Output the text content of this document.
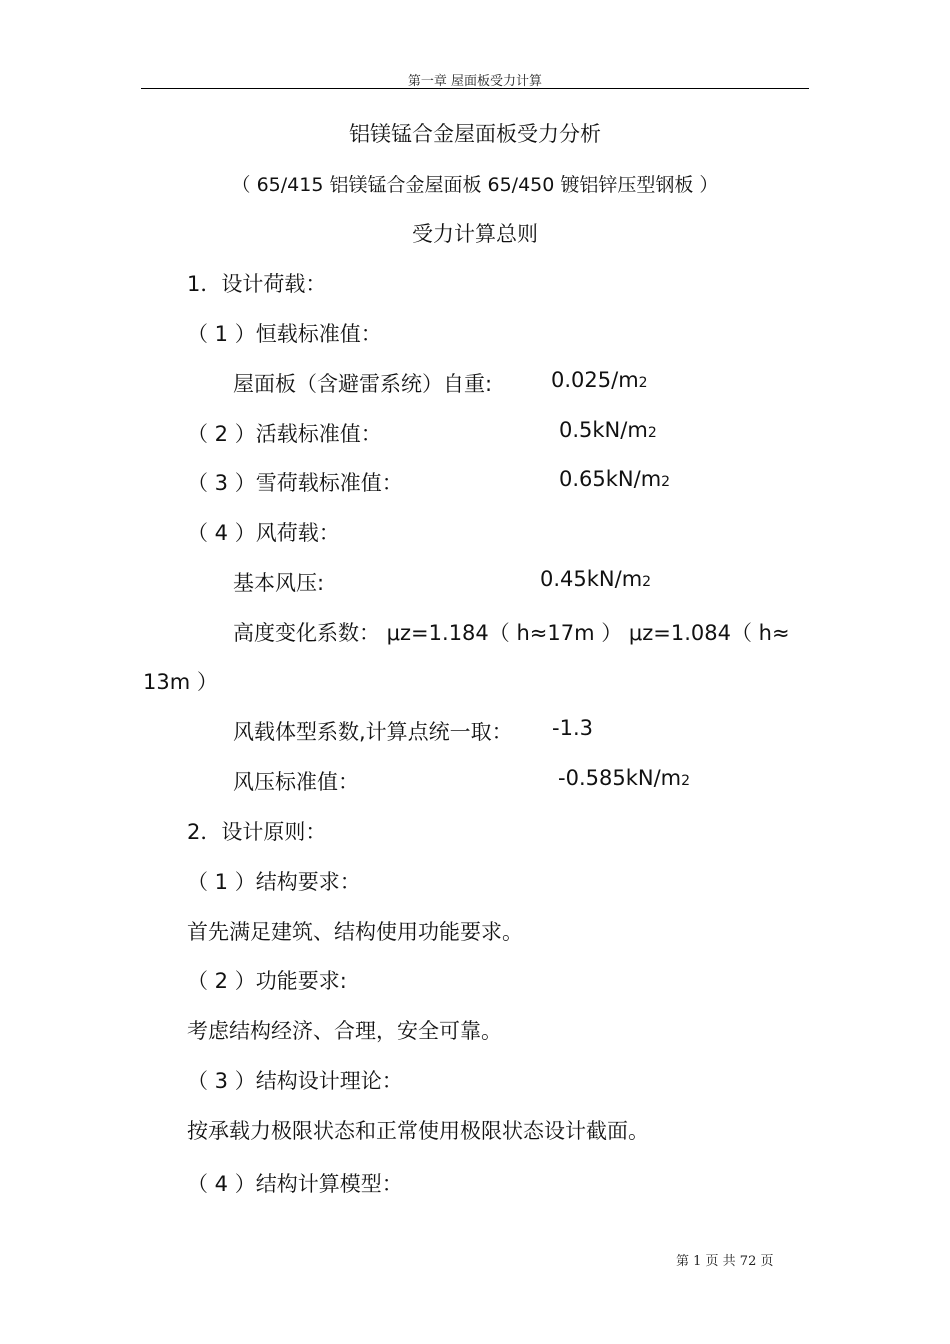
第一章 屋面板受力计算
铝镁锰合金屋面板受力分析
（ 65/415 铝镁锰合金屋面板 65/450 镀铝锌压型钢板 ）
受力计算总则
1．设计荷载：
（ 1 ）恒载标准值：
屋面板（含避雷系统）自重:	0.025/m2
（ 2 ）活载标准值：	0.5kN/m2
（ 3 ）雪荷载标准值：	0.65kN/m2
（ 4 ）风荷载：
基本风压:	0.45kN/m2
高度变化系数： μz=1.184（ h≈17m ） μz=1.084（ h≈
13m ）
风载体型系数,计算点统一取： -1.3
风压标准值：	-0.585kN/m2
2．设计原则：
（ 1 ）结构要求：
首先满足建筑、结构使用功能要求。
（ 2 ）功能要求:
考虑结构经济、合理，安全可靠。
（ 3 ）结构设计理论：
按承载力极限状态和正常使用极限状态设计截面。
（ 4 ）结构计算模型：
第 1 页 共 72 页
